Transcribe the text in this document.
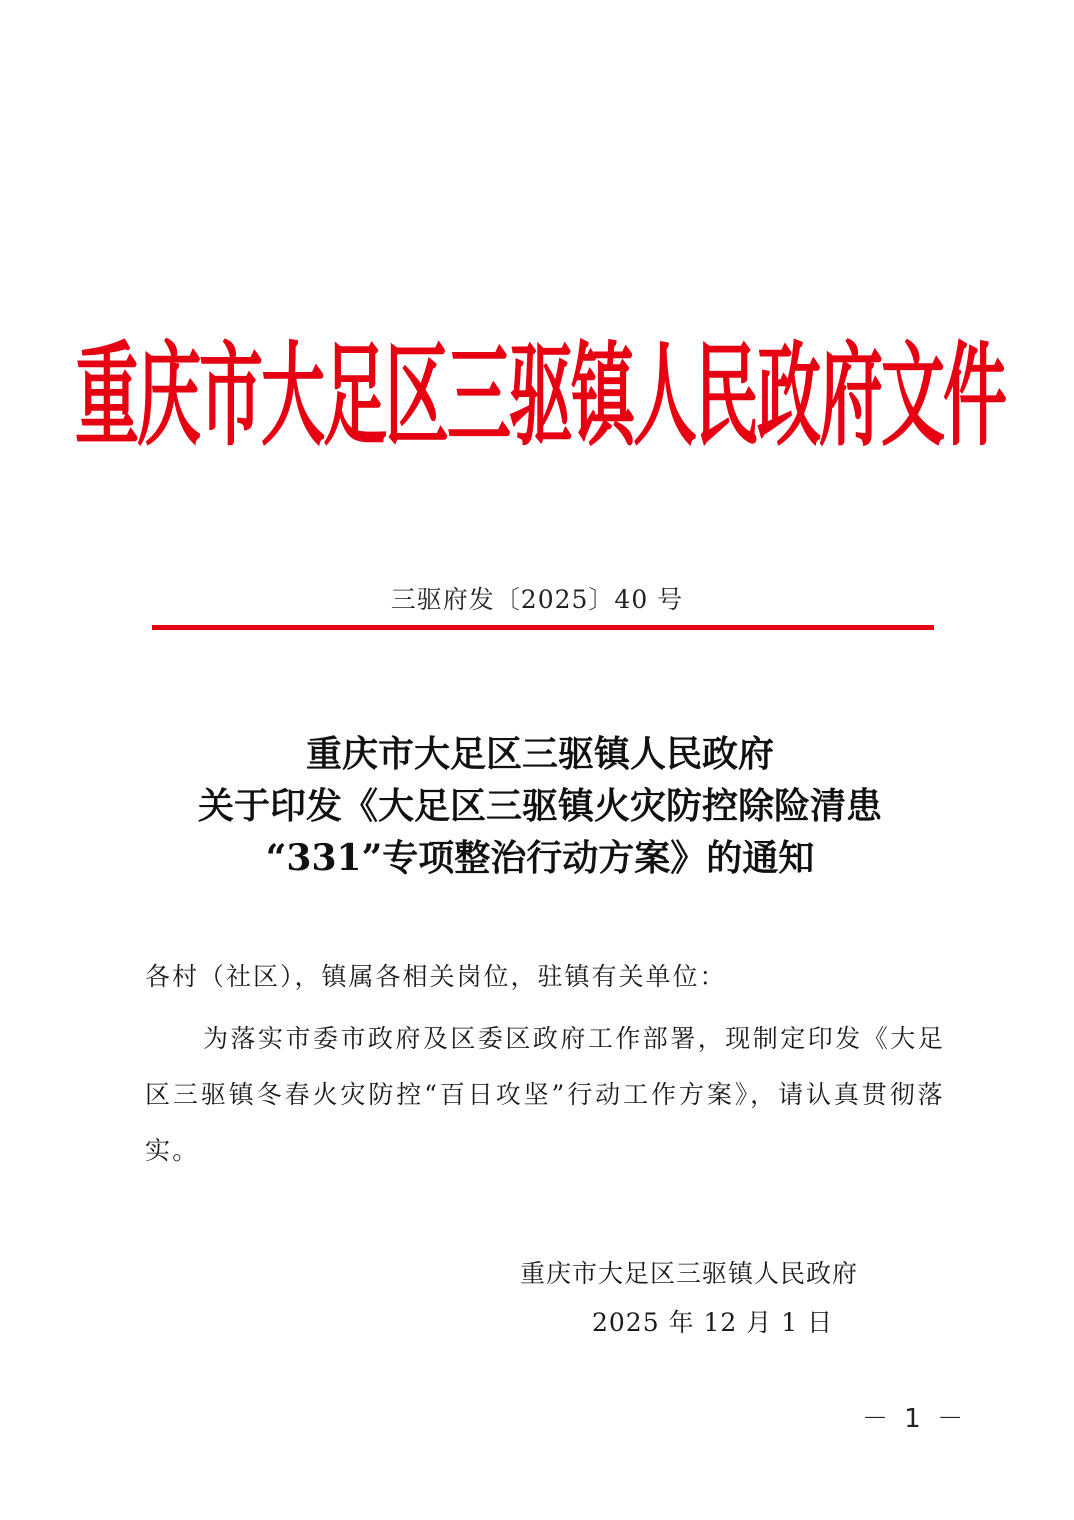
重庆市大足区三驱镇人民政府文件
三驱府发〔2025〕40 号
重庆市大足区三驱镇人民政府
关于印发《大足区三驱镇火灾防控除险清患
“331”专项整治行动方案》的通知
各村（社区），镇属各相关岗位，驻镇有关单位：
为落实市委市政府及区委区政府工作部署，现制定印发《大足区三驱镇冬春火灾防控“百日攻坚”行动工作方案》，请认真贯彻落实。
重庆市大足区三驱镇人民政府
2025 年 12 月 1 日
－ 1 －
